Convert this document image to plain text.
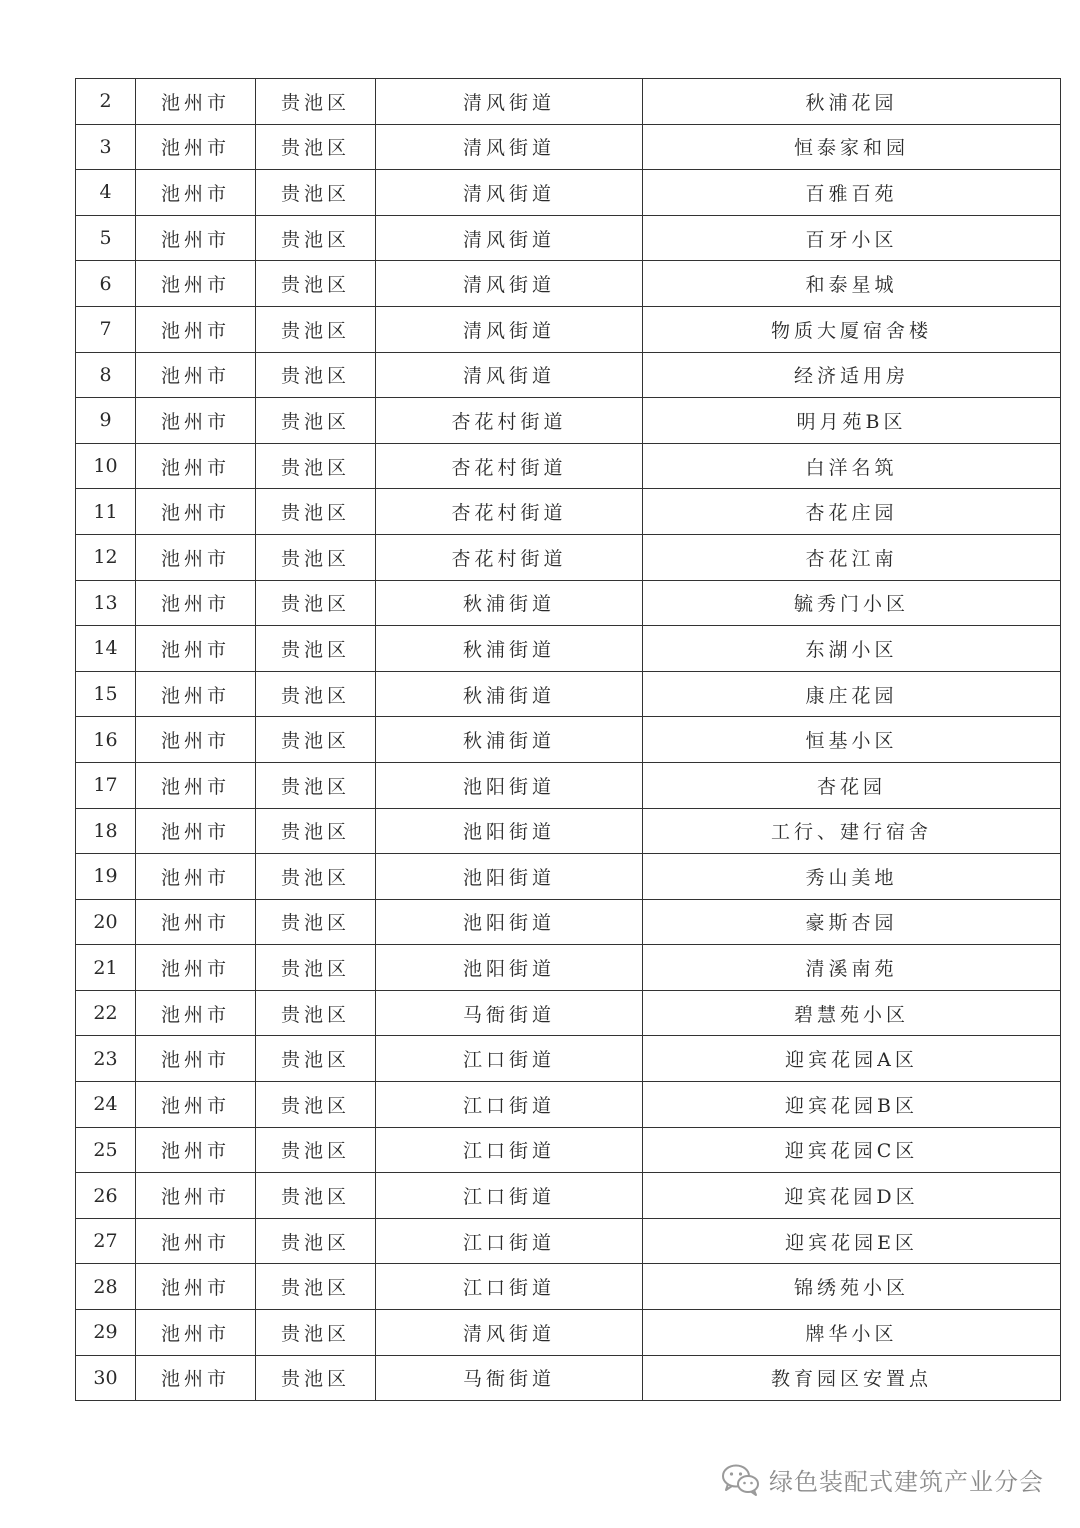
2	池州市	贵池区	清风街道	秋浦花园
3	池州市	贵池区	清风街道	恒泰家和园
4	池州市	贵池区	清风街道	百雅百苑
5	池州市	贵池区	清风街道	百牙小区
6	池州市	贵池区	清风街道	和泰星城
7	池州市	贵池区	清风街道	物质大厦宿舍楼
8	池州市	贵池区	清风街道	经济适用房
9	池州市	贵池区	杏花村街道	明月苑B区
10	池州市	贵池区	杏花村街道	白洋名筑
11	池州市	贵池区	杏花村街道	杏花庄园
12	池州市	贵池区	杏花村街道	杏花江南
13	池州市	贵池区	秋浦街道	毓秀门小区
14	池州市	贵池区	秋浦街道	东湖小区
15	池州市	贵池区	秋浦街道	康庄花园
16	池州市	贵池区	秋浦街道	恒基小区
17	池州市	贵池区	池阳街道	杏花园
18	池州市	贵池区	池阳街道	工行、建行宿舍
19	池州市	贵池区	池阳街道	秀山美地
20	池州市	贵池区	池阳街道	豪斯杏园
21	池州市	贵池区	池阳街道	清溪南苑
22	池州市	贵池区	马衙街道	碧慧苑小区
23	池州市	贵池区	江口街道	迎宾花园A区
24	池州市	贵池区	江口街道	迎宾花园B区
25	池州市	贵池区	江口街道	迎宾花园C区
26	池州市	贵池区	江口街道	迎宾花园D区
27	池州市	贵池区	江口街道	迎宾花园E区
28	池州市	贵池区	江口街道	锦绣苑小区
29	池州市	贵池区	清风街道	牌华小区
30	池州市	贵池区	马衙街道	教育园区安置点
绿色装配式建筑产业分会
